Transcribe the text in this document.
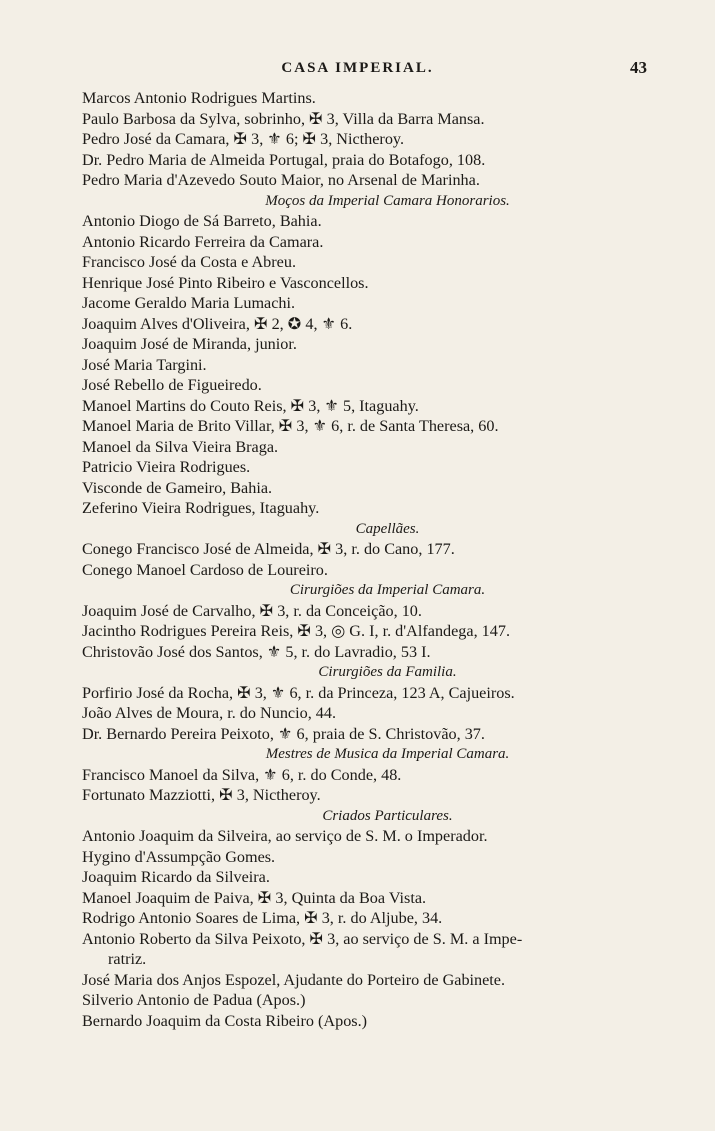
CASA IMPERIAL.	43
Marcos Antonio Rodrigues Martins.
Paulo Barbosa da Sylva, sobrinho, ✠ 3, Villa da Barra Mansa.
Pedro José da Camara, ✠ 3, ⚜ 6; ✠ 3, Nictheroy.
Dr. Pedro Maria de Almeida Portugal, praia do Botafogo, 108.
Pedro Maria d'Azevedo Souto Maior, no Arsenal de Marinha.
Moços da Imperial Camara Honorarios.
Antonio Diogo de Sá Barreto, Bahia.
Antonio Ricardo Ferreira da Camara.
Francisco José da Costa e Abreu.
Henrique José Pinto Ribeiro e Vasconcellos.
Jacome Geraldo Maria Lumachi.
Joaquim Alves d'Oliveira, ✠ 2, ✪ 4, ⚜ 6.
Joaquim José de Miranda, junior.
José Maria Targini.
José Rebello de Figueiredo.
Manoel Martins do Couto Reis, ✠ 3, ⚜ 5, Itaguahy.
Manoel Maria de Brito Villar, ✠ 3, ⚜ 6, r. de Santa Theresa, 60.
Manoel da Silva Vieira Braga.
Patricio Vieira Rodrigues.
Visconde de Gameiro, Bahia.
Zeferino Vieira Rodrigues, Itaguahy.
Capellães.
Conego Francisco José de Almeida, ✠ 3, r. do Cano, 177.
Conego Manoel Cardoso de Loureiro.
Cirurgiões da Imperial Camara.
Joaquim José de Carvalho, ✠ 3, r. da Conceição, 10.
Jacintho Rodrigues Pereira Reis, ✠ 3, ◎ G. I, r. d'Alfandega, 147.
Christovão José dos Santos, ⚜ 5, r. do Lavradio, 53 I.
Cirurgiões da Familia.
Porfirio José da Rocha, ✠ 3, ⚜ 6, r. da Princeza, 123 A, Cajueiros.
João Alves de Moura, r. do Nuncio, 44.
Dr. Bernardo Pereira Peixoto, ⚜ 6, praia de S. Christovão, 37.
Mestres de Musica da Imperial Camara.
Francisco Manoel da Silva, ⚜ 6, r. do Conde, 48.
Fortunato Mazziotti, ✠ 3, Nictheroy.
Criados Particulares.
Antonio Joaquim da Silveira, ao serviço de S. M. o Imperador.
Hygino d'Assumpção Gomes.
Joaquim Ricardo da Silveira.
Manoel Joaquim de Paiva, ✠ 3, Quinta da Boa Vista.
Rodrigo Antonio Soares de Lima, ✠ 3, r. do Aljube, 34.
Antonio Roberto da Silva Peixoto, ✠ 3, ao serviço de S. M. a Impe-
ratriz.
José Maria dos Anjos Espozel, Ajudante do Porteiro de Gabinete.
Silverio Antonio de Padua (Apos.)
Bernardo Joaquim da Costa Ribeiro (Apos.)
